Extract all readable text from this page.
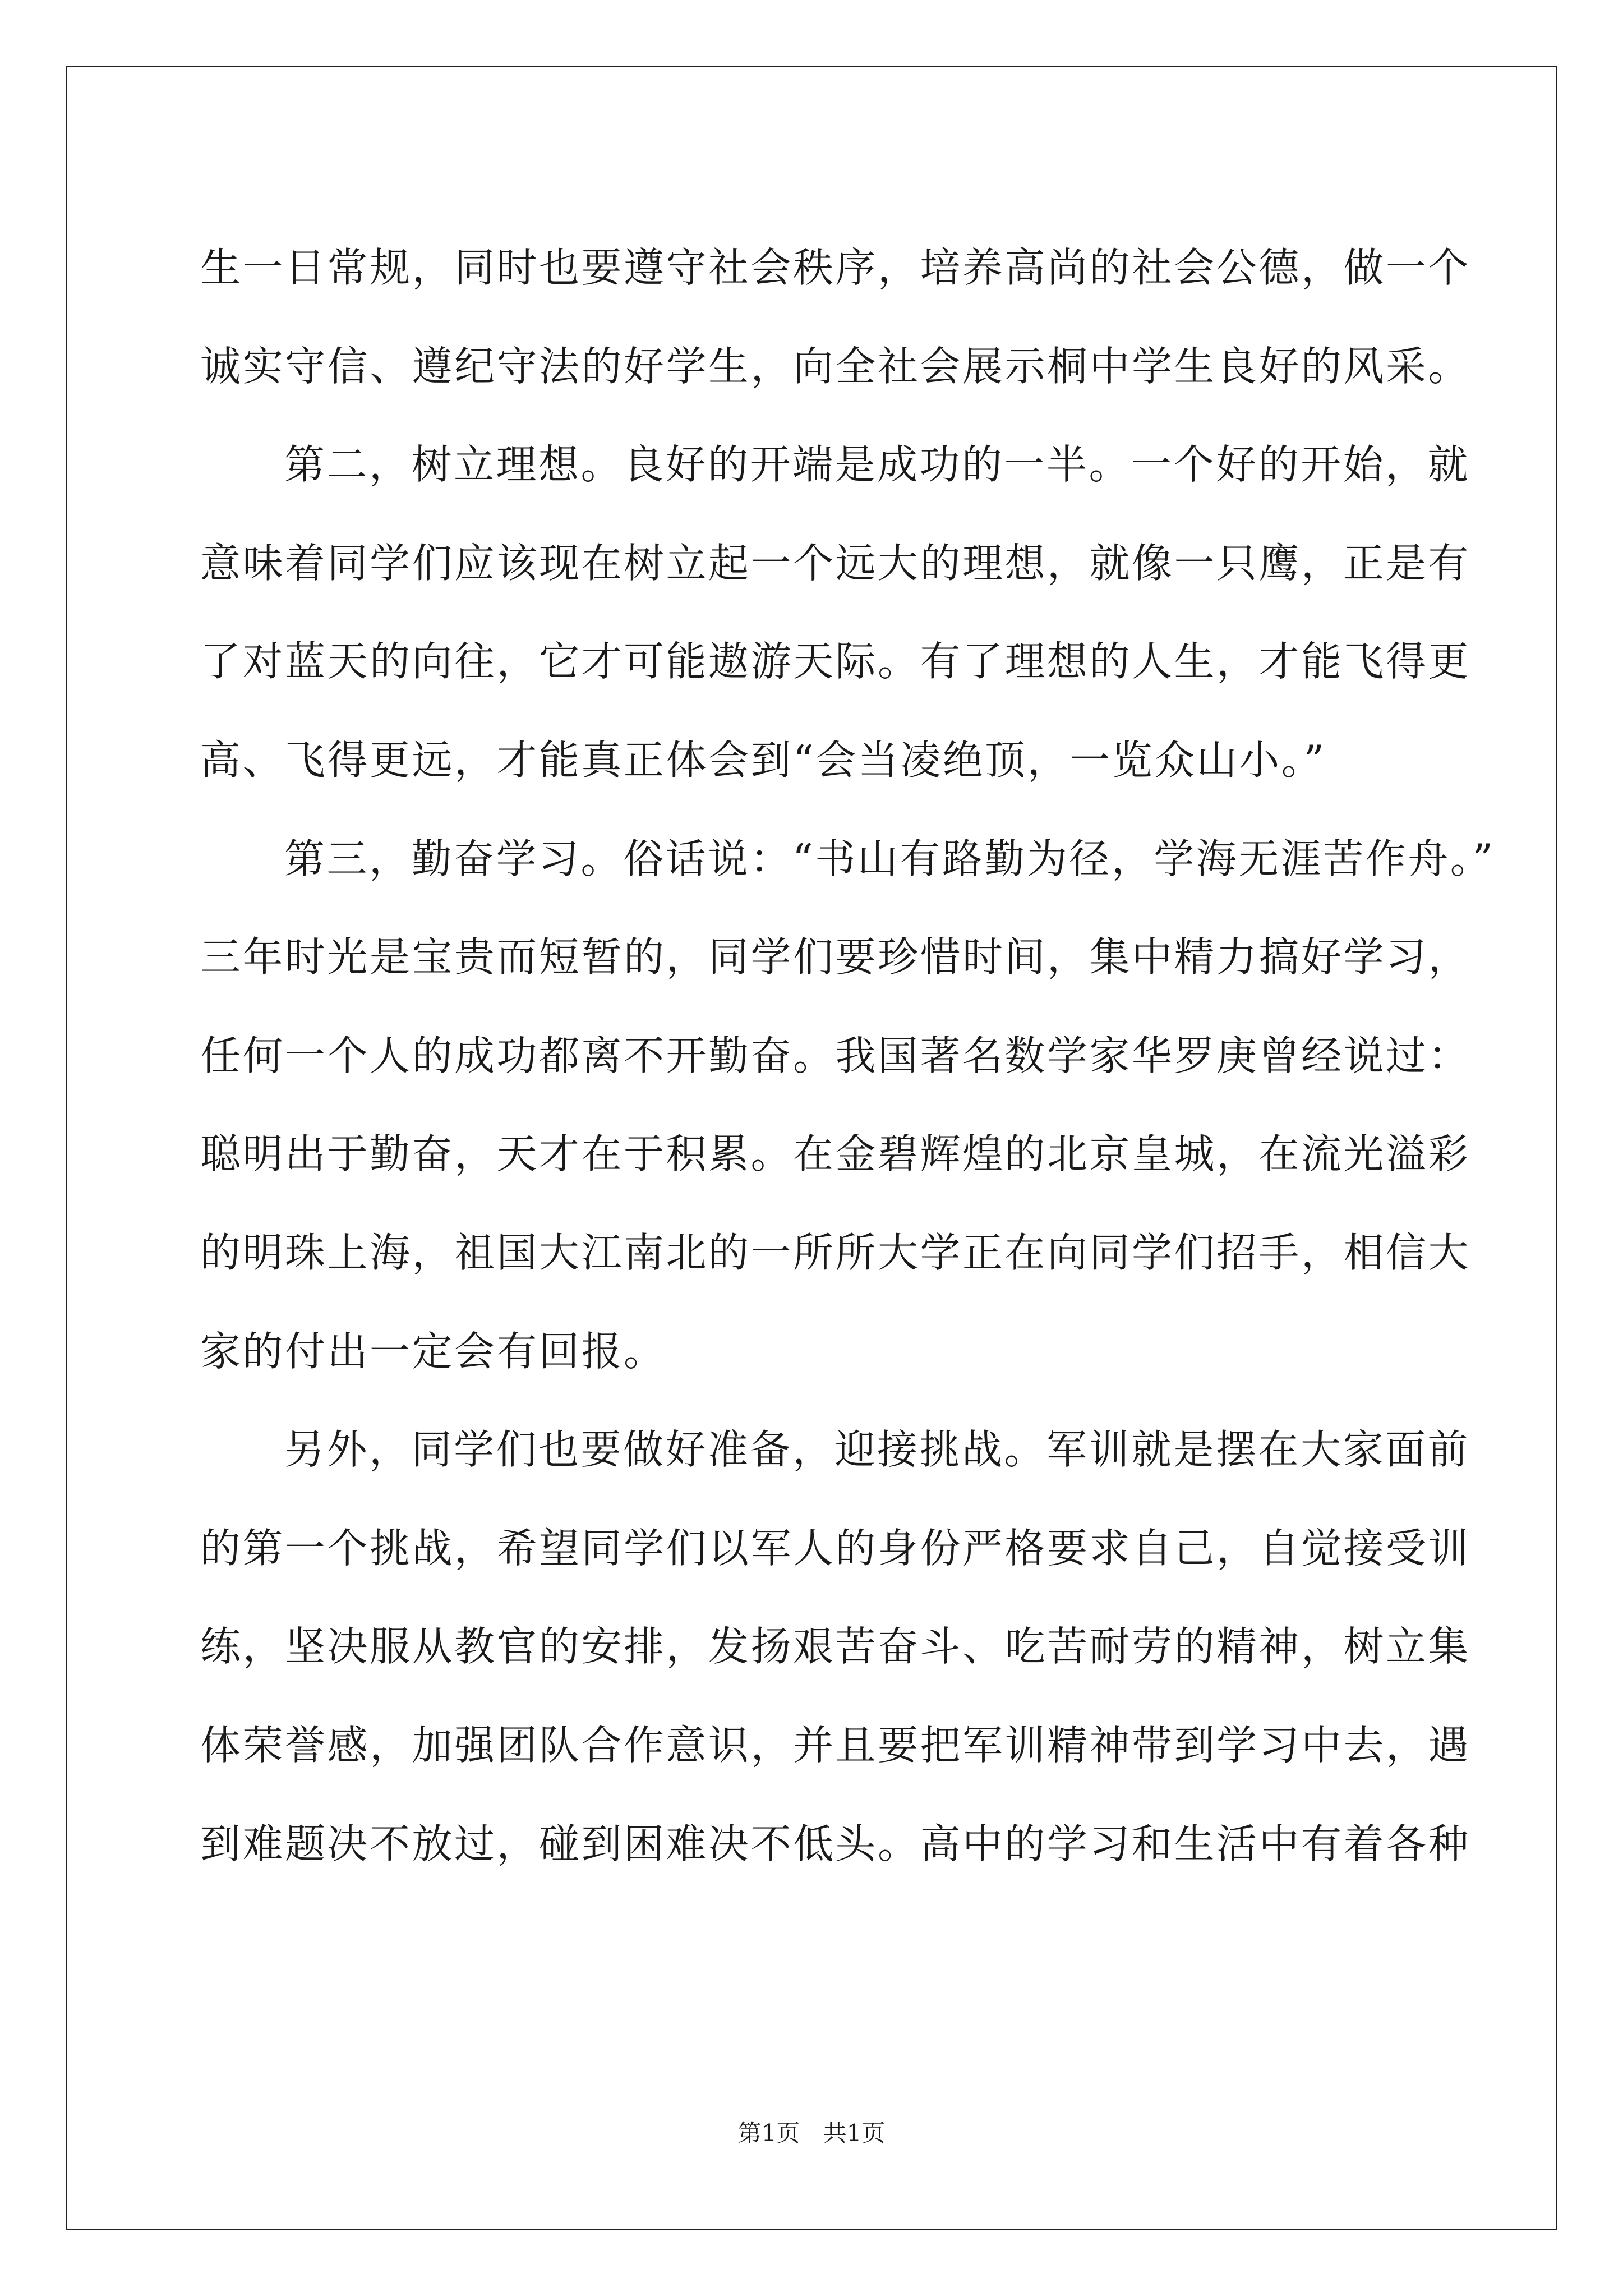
生一日常规，同时也要遵守社会秩序，培养高尚的社会公德，做一个
诚实守信、遵纪守法的好学生，向全社会展示桐中学生良好的风采。
第二，树立理想。良好的开端是成功的一半。一个好的开始，就
意味着同学们应该现在树立起一个远大的理想，就像一只鹰，正是有
了对蓝天的向往，它才可能遨游天际。有了理想的人生，才能飞得更
高、飞得更远，才能真正体会到“会当凌绝顶，一览众山小。”
第三，勤奋学习。俗话说：“书山有路勤为径，学海无涯苦作舟。”
三年时光是宝贵而短暂的，同学们要珍惜时间，集中精力搞好学习，
任何一个人的成功都离不开勤奋。我国著名数学家华罗庚曾经说过：
聪明出于勤奋，天才在于积累。在金碧辉煌的北京皇城，在流光溢彩
的明珠上海，祖国大江南北的一所所大学正在向同学们招手，相信大
家的付出一定会有回报。
另外，同学们也要做好准备，迎接挑战。军训就是摆在大家面前
的第一个挑战，希望同学们以军人的身份严格要求自己，自觉接受训
练，坚决服从教官的安排，发扬艰苦奋斗、吃苦耐劳的精神，树立集
体荣誉感，加强团队合作意识，并且要把军训精神带到学习中去，遇
到难题决不放过，碰到困难决不低头。高中的学习和生活中有着各种
第1页 共1页
